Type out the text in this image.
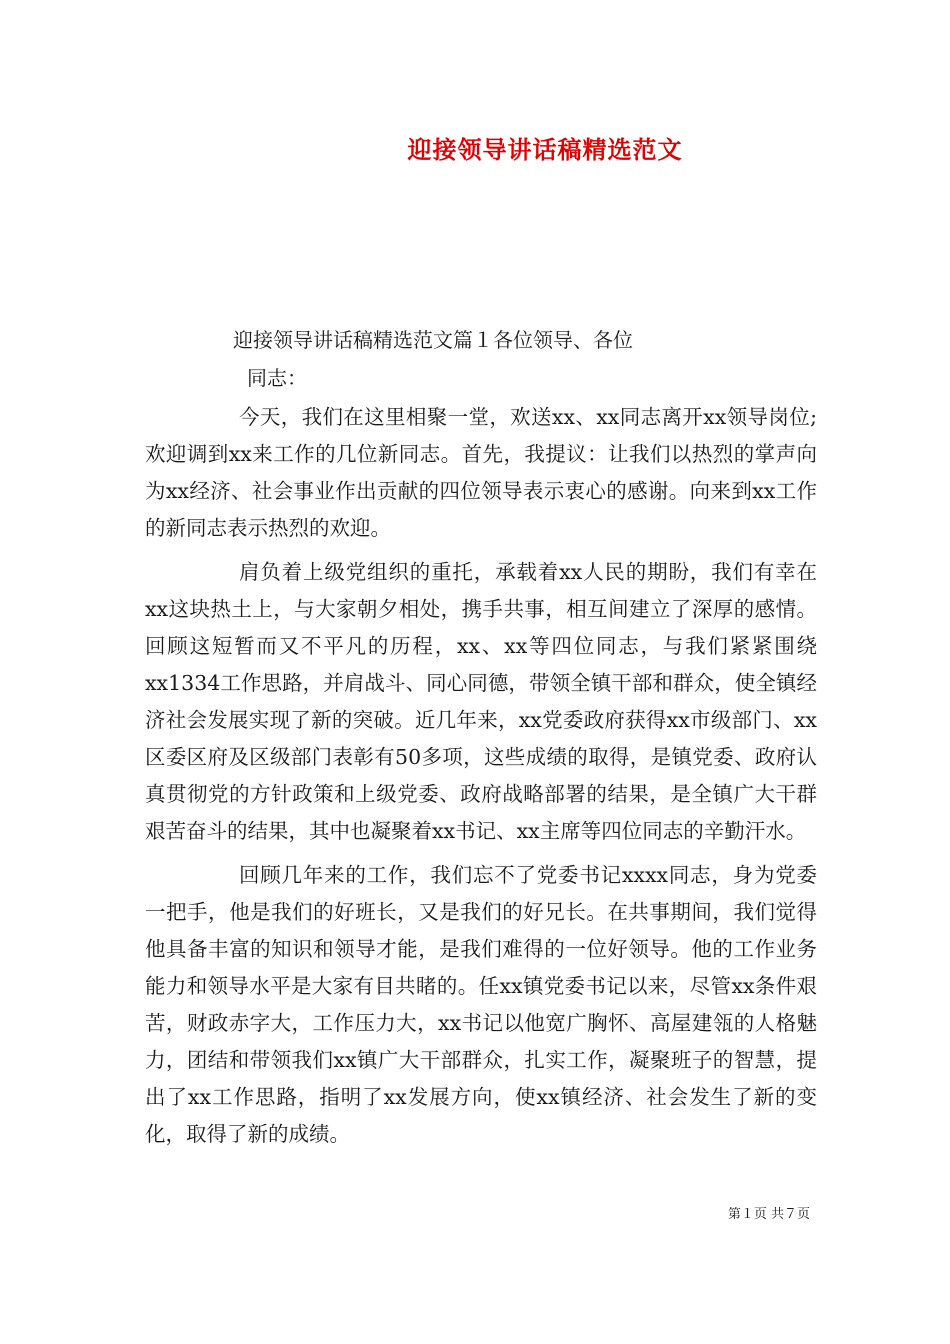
迎接领导讲话稿精选范文
迎接领导讲话稿精选范文篇１各位领导、各位
同志：

今天，我们在这里相聚一堂，欢送xx、xx同志离开xx领导岗位;欢迎调到xx来工作的几位新同志。首先，我提议：让我们以热烈的掌声向为xx经济、社会事业作出贡献的四位领导表示衷心的感谢。向来到xx工作的新同志表示热烈的欢迎。

肩负着上级党组织的重托，承载着xx人民的期盼，我们有幸在xx这块热土上，与大家朝夕相处，携手共事，相互间建立了深厚的感情。回顾这短暂而又不平凡的历程，xx、xx等四位同志，与我们紧紧围绕xx1334工作思路，并肩战斗、同心同德，带领全镇干部和群众，使全镇经济社会发展实现了新的突破。近几年来，xx党委政府获得xx市级部门、xx区委区府及区级部门表彰有50多项，这些成绩的取得，是镇党委、政府认真贯彻党的方针政策和上级党委、政府战略部署的结果，是全镇广大干群艰苦奋斗的结果，其中也凝聚着xx书记、xx主席等四位同志的辛勤汗水。

回顾几年来的工作，我们忘不了党委书记xxxx同志，身为党委一把手，他是我们的好班长，又是我们的好兄长。在共事期间，我们觉得他具备丰富的知识和领导才能，是我们难得的一位好领导。他的工作业务能力和领导水平是大家有目共睹的。任xx镇党委书记以来，尽管xx条件艰苦，财政赤字大，工作压力大，xx书记以他宽广胸怀、高屋建瓴的人格魅力，团结和带领我们xx镇广大干部群众，扎实工作，凝聚班子的智慧，提出了xx工作思路，指明了xx发展方向，使xx镇经济、社会发生了新的变化，取得了新的成绩。

第１页 共７页
